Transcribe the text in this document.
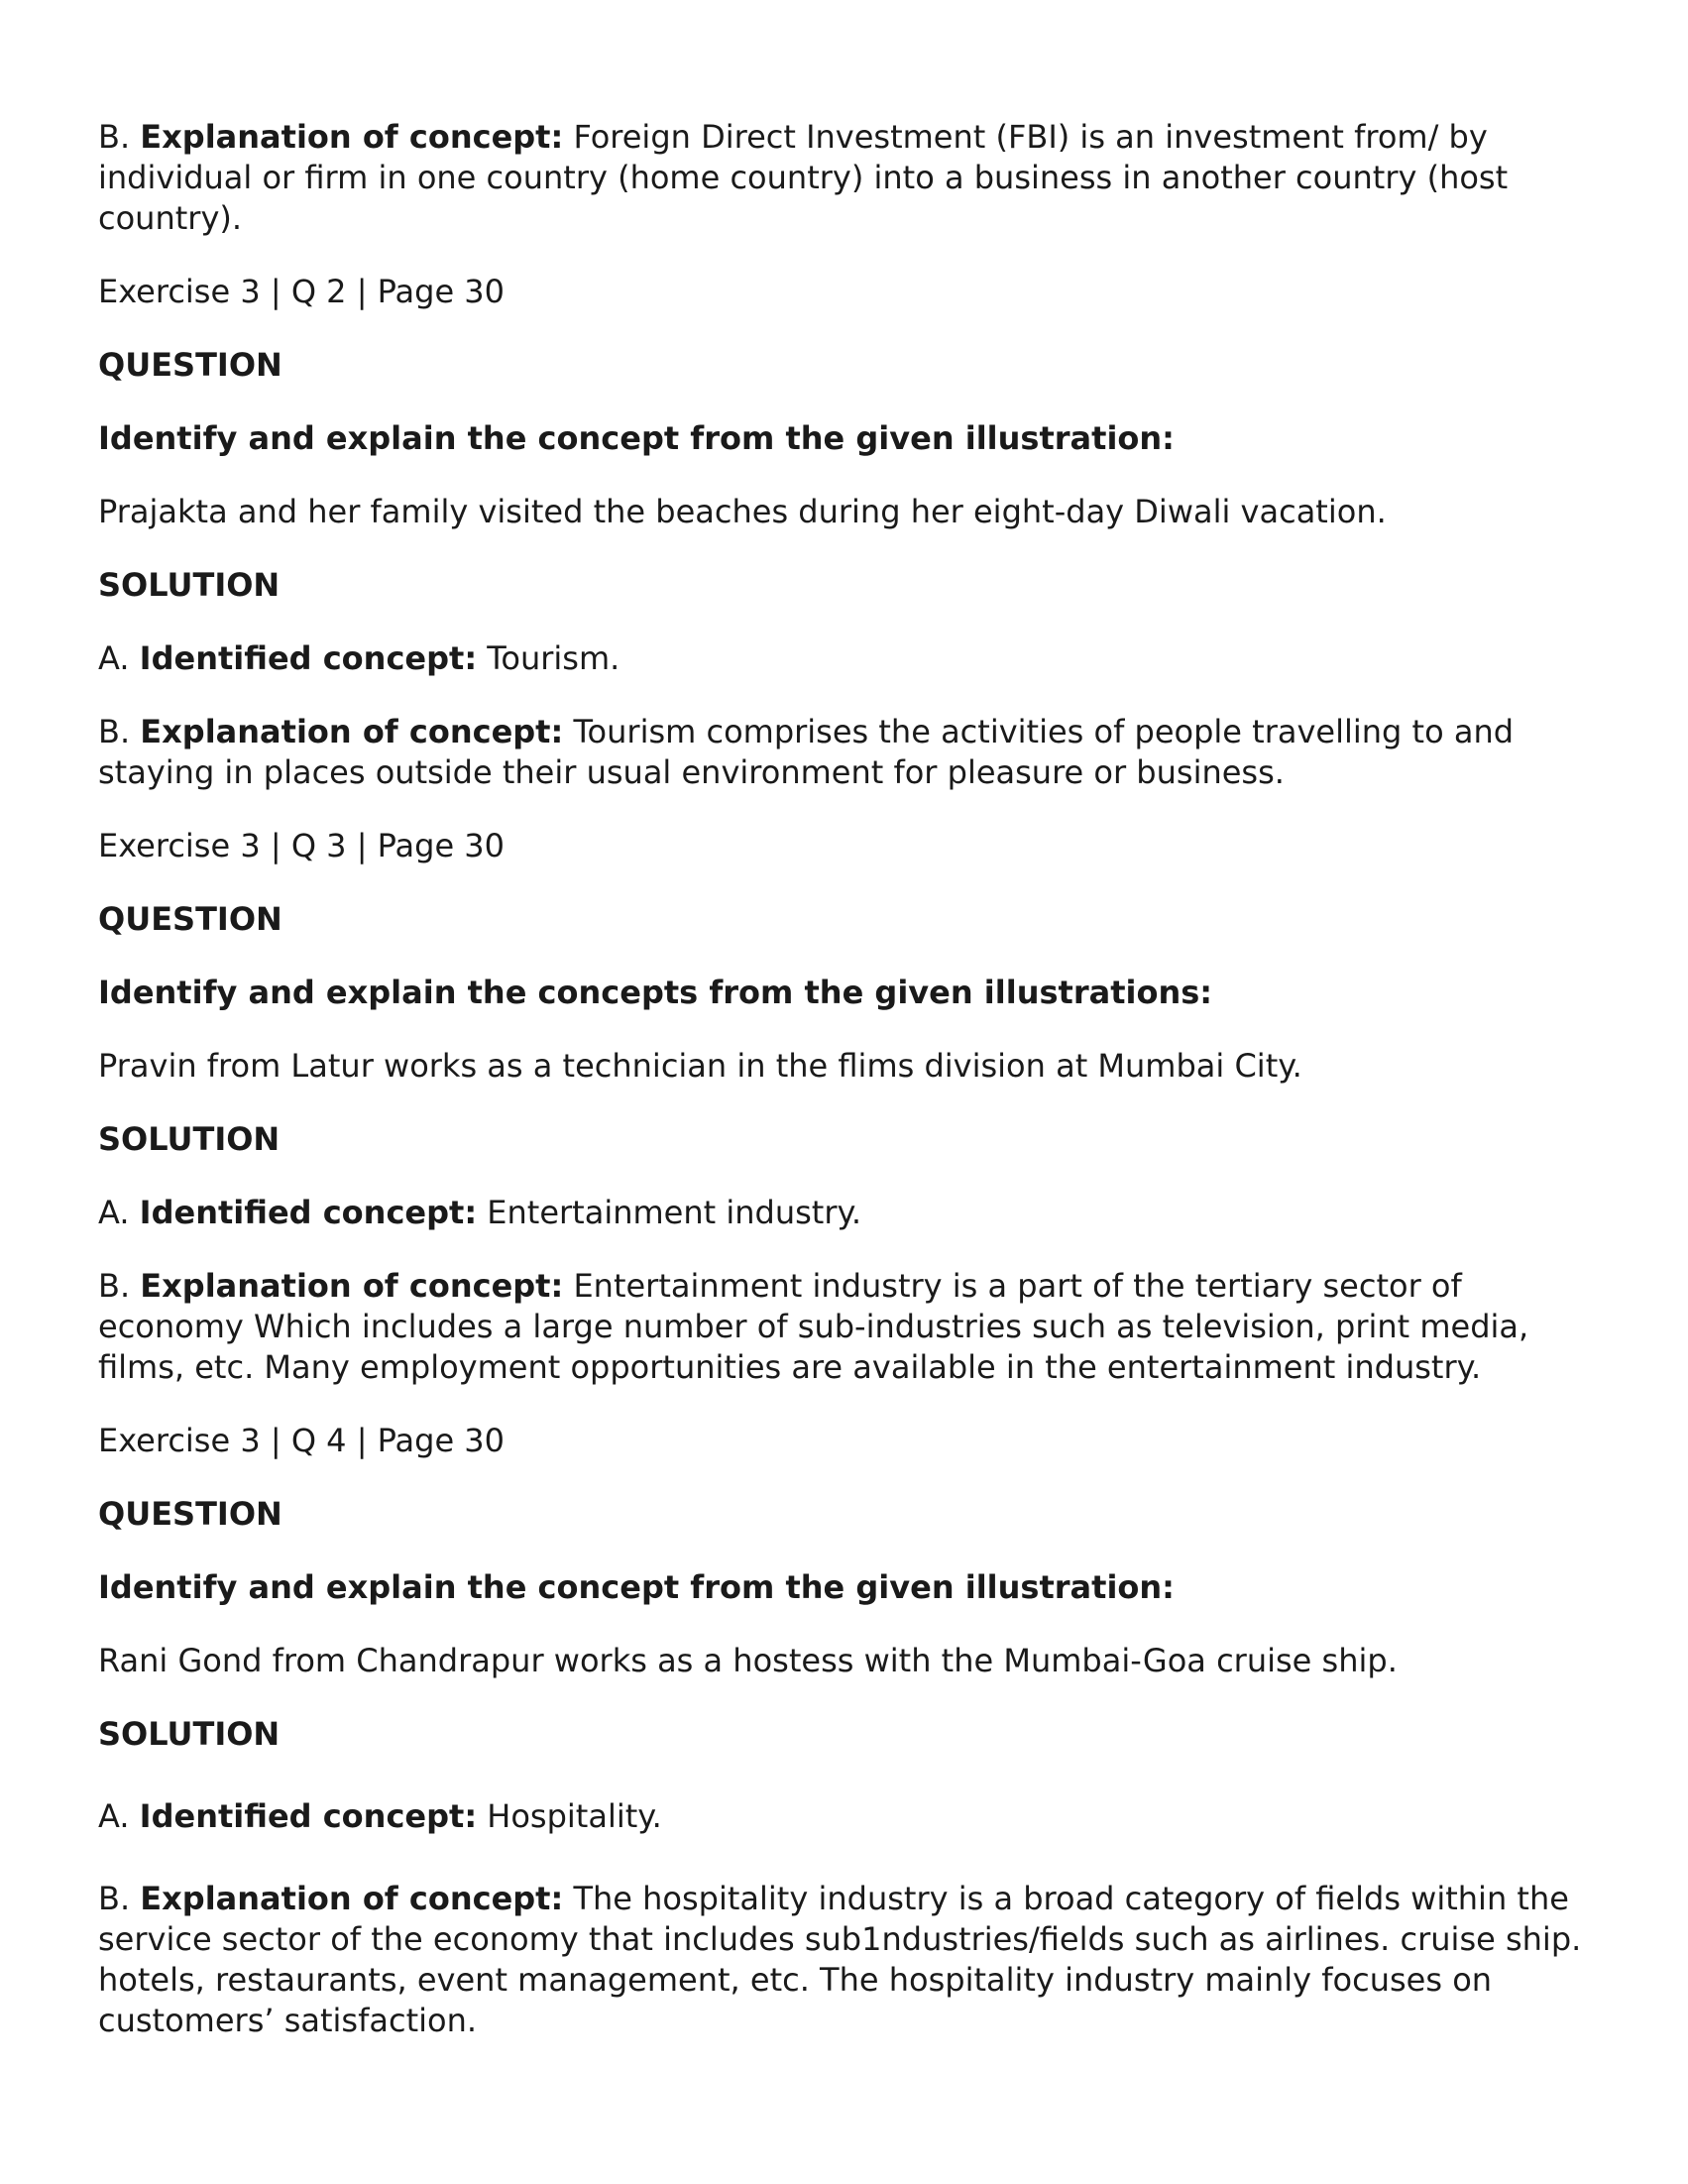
B. Explanation of concept: Foreign Direct Investment (FBI) is an investment from/ by individual or firm in one country (home country) into a business in another country (host country).

Exercise 3 | Q 2 | Page 30

QUESTION

Identify and explain the concept from the given illustration:

Prajakta and her family visited the beaches during her eight-day Diwali vacation.

SOLUTION

A. Identified concept: Tourism.

B. Explanation of concept: Tourism comprises the activities of people travelling to and staying in places outside their usual environment for pleasure or business.

Exercise 3 | Q 3 | Page 30

QUESTION

Identify and explain the concepts from the given illustrations:

Pravin from Latur works as a technician in the flims division at Mumbai City.

SOLUTION

A. Identified concept: Entertainment industry.

B. Explanation of concept: Entertainment industry is a part of the tertiary sector of economy Which includes a large number of sub-industries such as television, print media, films, etc. Many employment opportunities are available in the entertainment industry.

Exercise 3 | Q 4 | Page 30

QUESTION

Identify and explain the concept from the given illustration:

Rani Gond from Chandrapur works as a hostess with the Mumbai-Goa cruise ship.

SOLUTION

A. Identified concept: Hospitality.

B. Explanation of concept: The hospitality industry is a broad category of fields within the service sector of the economy that includes sub1ndustries/fields such as airlines. cruise ship. hotels, restaurants, event management, etc. The hospitality industry mainly focuses on customers’ satisfaction.
